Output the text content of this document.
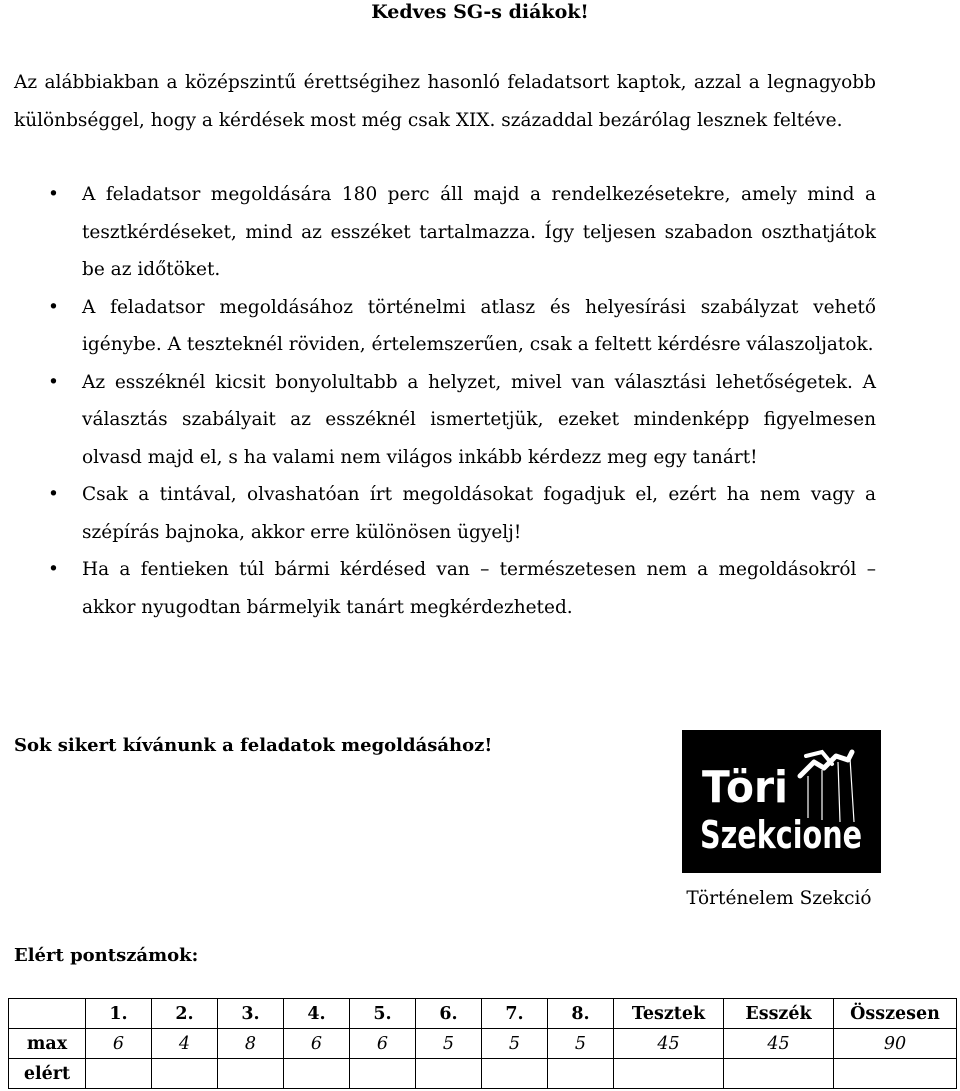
Kedves SG-s diákok!
Az alábbiakban a középszintű érettségihez hasonló feladatsort kaptok, azzal a legnagyobb különbséggel, hogy a kérdések most még csak XIX. századdal bezárólag lesznek feltéve.
• A feladatsor megoldására 180 perc áll majd a rendelkezésetekre, amely mind a tesztkérdéseket, mind az esszéket tartalmazza. Így teljesen szabadon oszthatjátok be az időtöket.
• A feladatsor megoldásához történelmi atlasz és helyesírási szabályzat vehető igénybe. A teszteknél röviden, értelemszerűen, csak a feltett kérdésre válaszoljatok.
• Az esszéknél kicsit bonyolultabb a helyzet, mivel van választási lehetőségetek. A választás szabályait az esszéknél ismertetjük, ezeket mindenképp figyelmesen olvasd majd el, s ha valami nem világos inkább kérdezz meg egy tanárt!
• Csak a tintával, olvashatóan írt megoldásokat fogadjuk el, ezért ha nem vagy a szépírás bajnoka, akkor erre különösen ügyelj!
• Ha a fentieken túl bármi kérdésed van – természetesen nem a megoldásokról – akkor nyugodtan bármelyik tanárt megkérdezheted.
Sok sikert kívánunk a feladatok megoldásához!
Töri
Szekcione
Történelem Szekció
Elért pontszámok:
	1.	2.	3.	4.	5.	6.	7.	8.	Tesztek	Esszék	Összesen
max	6	4	8	6	6	5	5	5	45	45	90
elért											
